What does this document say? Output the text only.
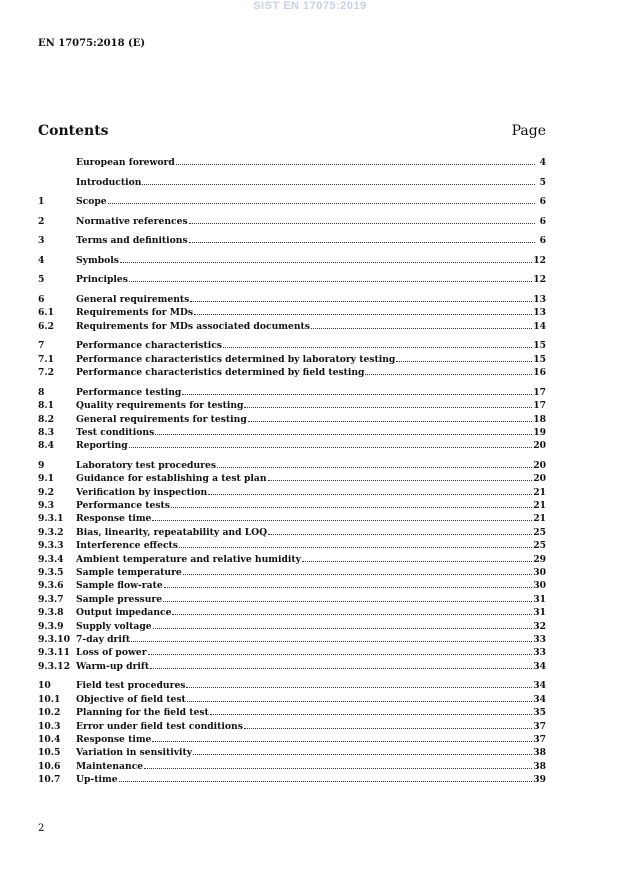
SIST EN 17075:2019
EN 17075:2018 (E)
Contents	Page
European foreword	4
Introduction	5
1	Scope	6
2	Normative references	6
3	Terms and definitions	6
4	Symbols	12
5	Principles	12
6	General requirements	13
6.1	Requirements for MDs	13
6.2	Requirements for MDs associated documents	14
7	Performance characteristics	15
7.1	Performance characteristics determined by laboratory testing	15
7.2	Performance characteristics determined by field testing	16
8	Performance testing	17
8.1	Quality requirements for testing	17
8.2	General requirements for testing	18
8.3	Test conditions	19
8.4	Reporting	20
9	Laboratory test procedures	20
9.1	Guidance for establishing a test plan	20
9.2	Verification by inspection	21
9.3	Performance tests	21
9.3.1	Response time	21
9.3.2	Bias, linearity, repeatability and LOQ	25
9.3.3	Interference effects	25
9.3.4	Ambient temperature and relative humidity	29
9.3.5	Sample temperature	30
9.3.6	Sample flow-rate	30
9.3.7	Sample pressure	31
9.3.8	Output impedance	31
9.3.9	Supply voltage	32
9.3.10 7-day drift	33
9.3.11 Loss of power	33
9.3.12 Warm-up drift	34
10	Field test procedures	34
10.1	Objective of field test	34
10.2	Planning for the field test	35
10.3	Error under field test conditions	37
10.4	Response time	37
10.5	Variation in sensitivity	38
10.6	Maintenance	38
10.7	Up-time	39
2
